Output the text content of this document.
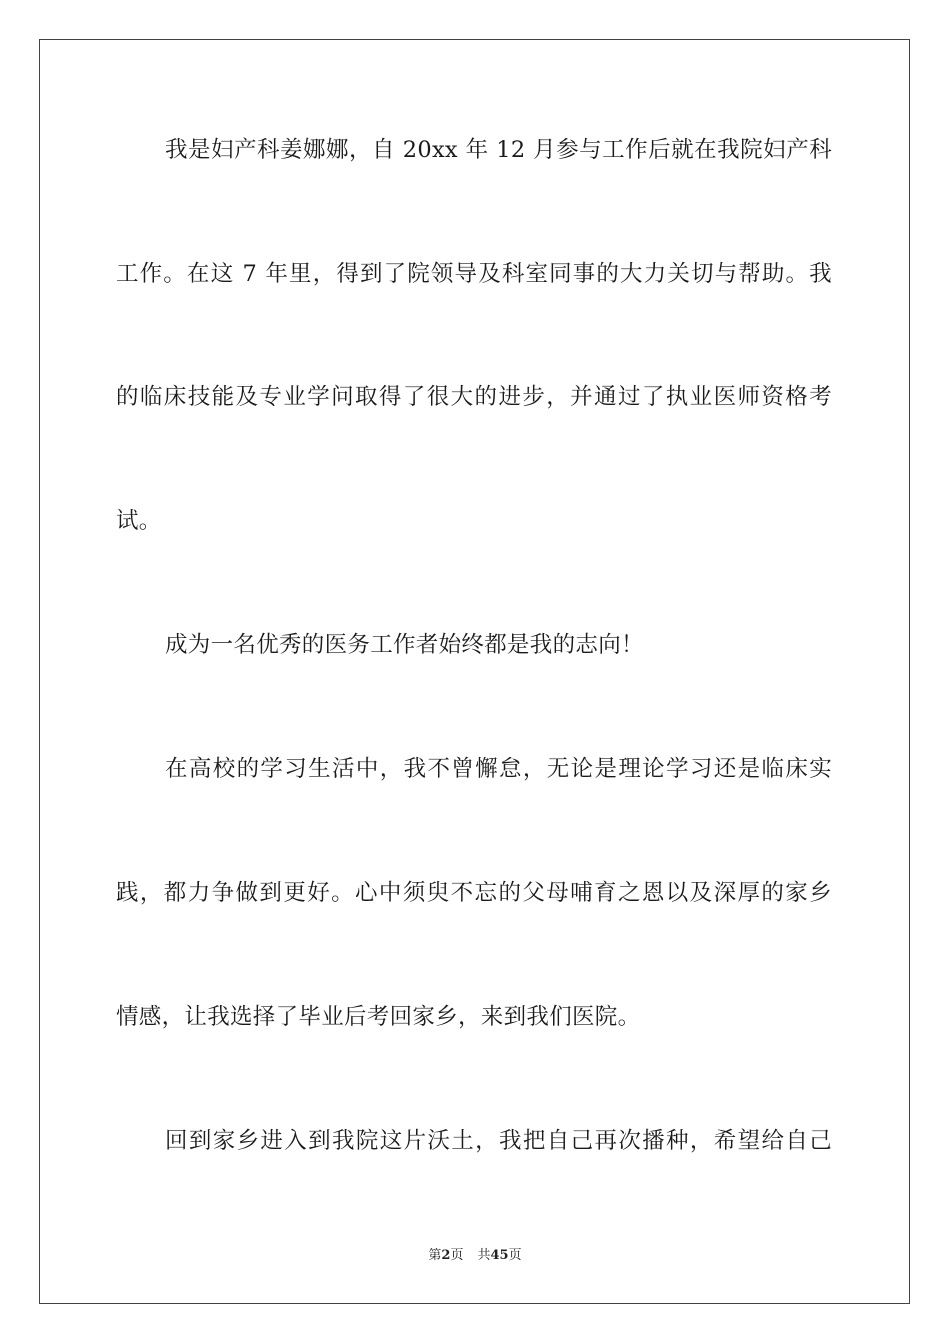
我是妇产科姜娜娜，自 20xx 年 12 月参与工作后就在我院妇产科
工作。在这 7 年里，得到了院领导及科室同事的大力关切与帮助。我
的临床技能及专业学问取得了很大的进步，并通过了执业医师资格考
试。
成为一名优秀的医务工作者始终都是我的志向！
在高校的学习生活中，我不曾懈怠，无论是理论学习还是临床实
践，都力争做到更好。心中须臾不忘的父母哺育之恩以及深厚的家乡
情感，让我选择了毕业后考回家乡，来到我们医院。
回到家乡进入到我院这片沃土，我把自己再次播种，希望给自己
第2页 共45页
